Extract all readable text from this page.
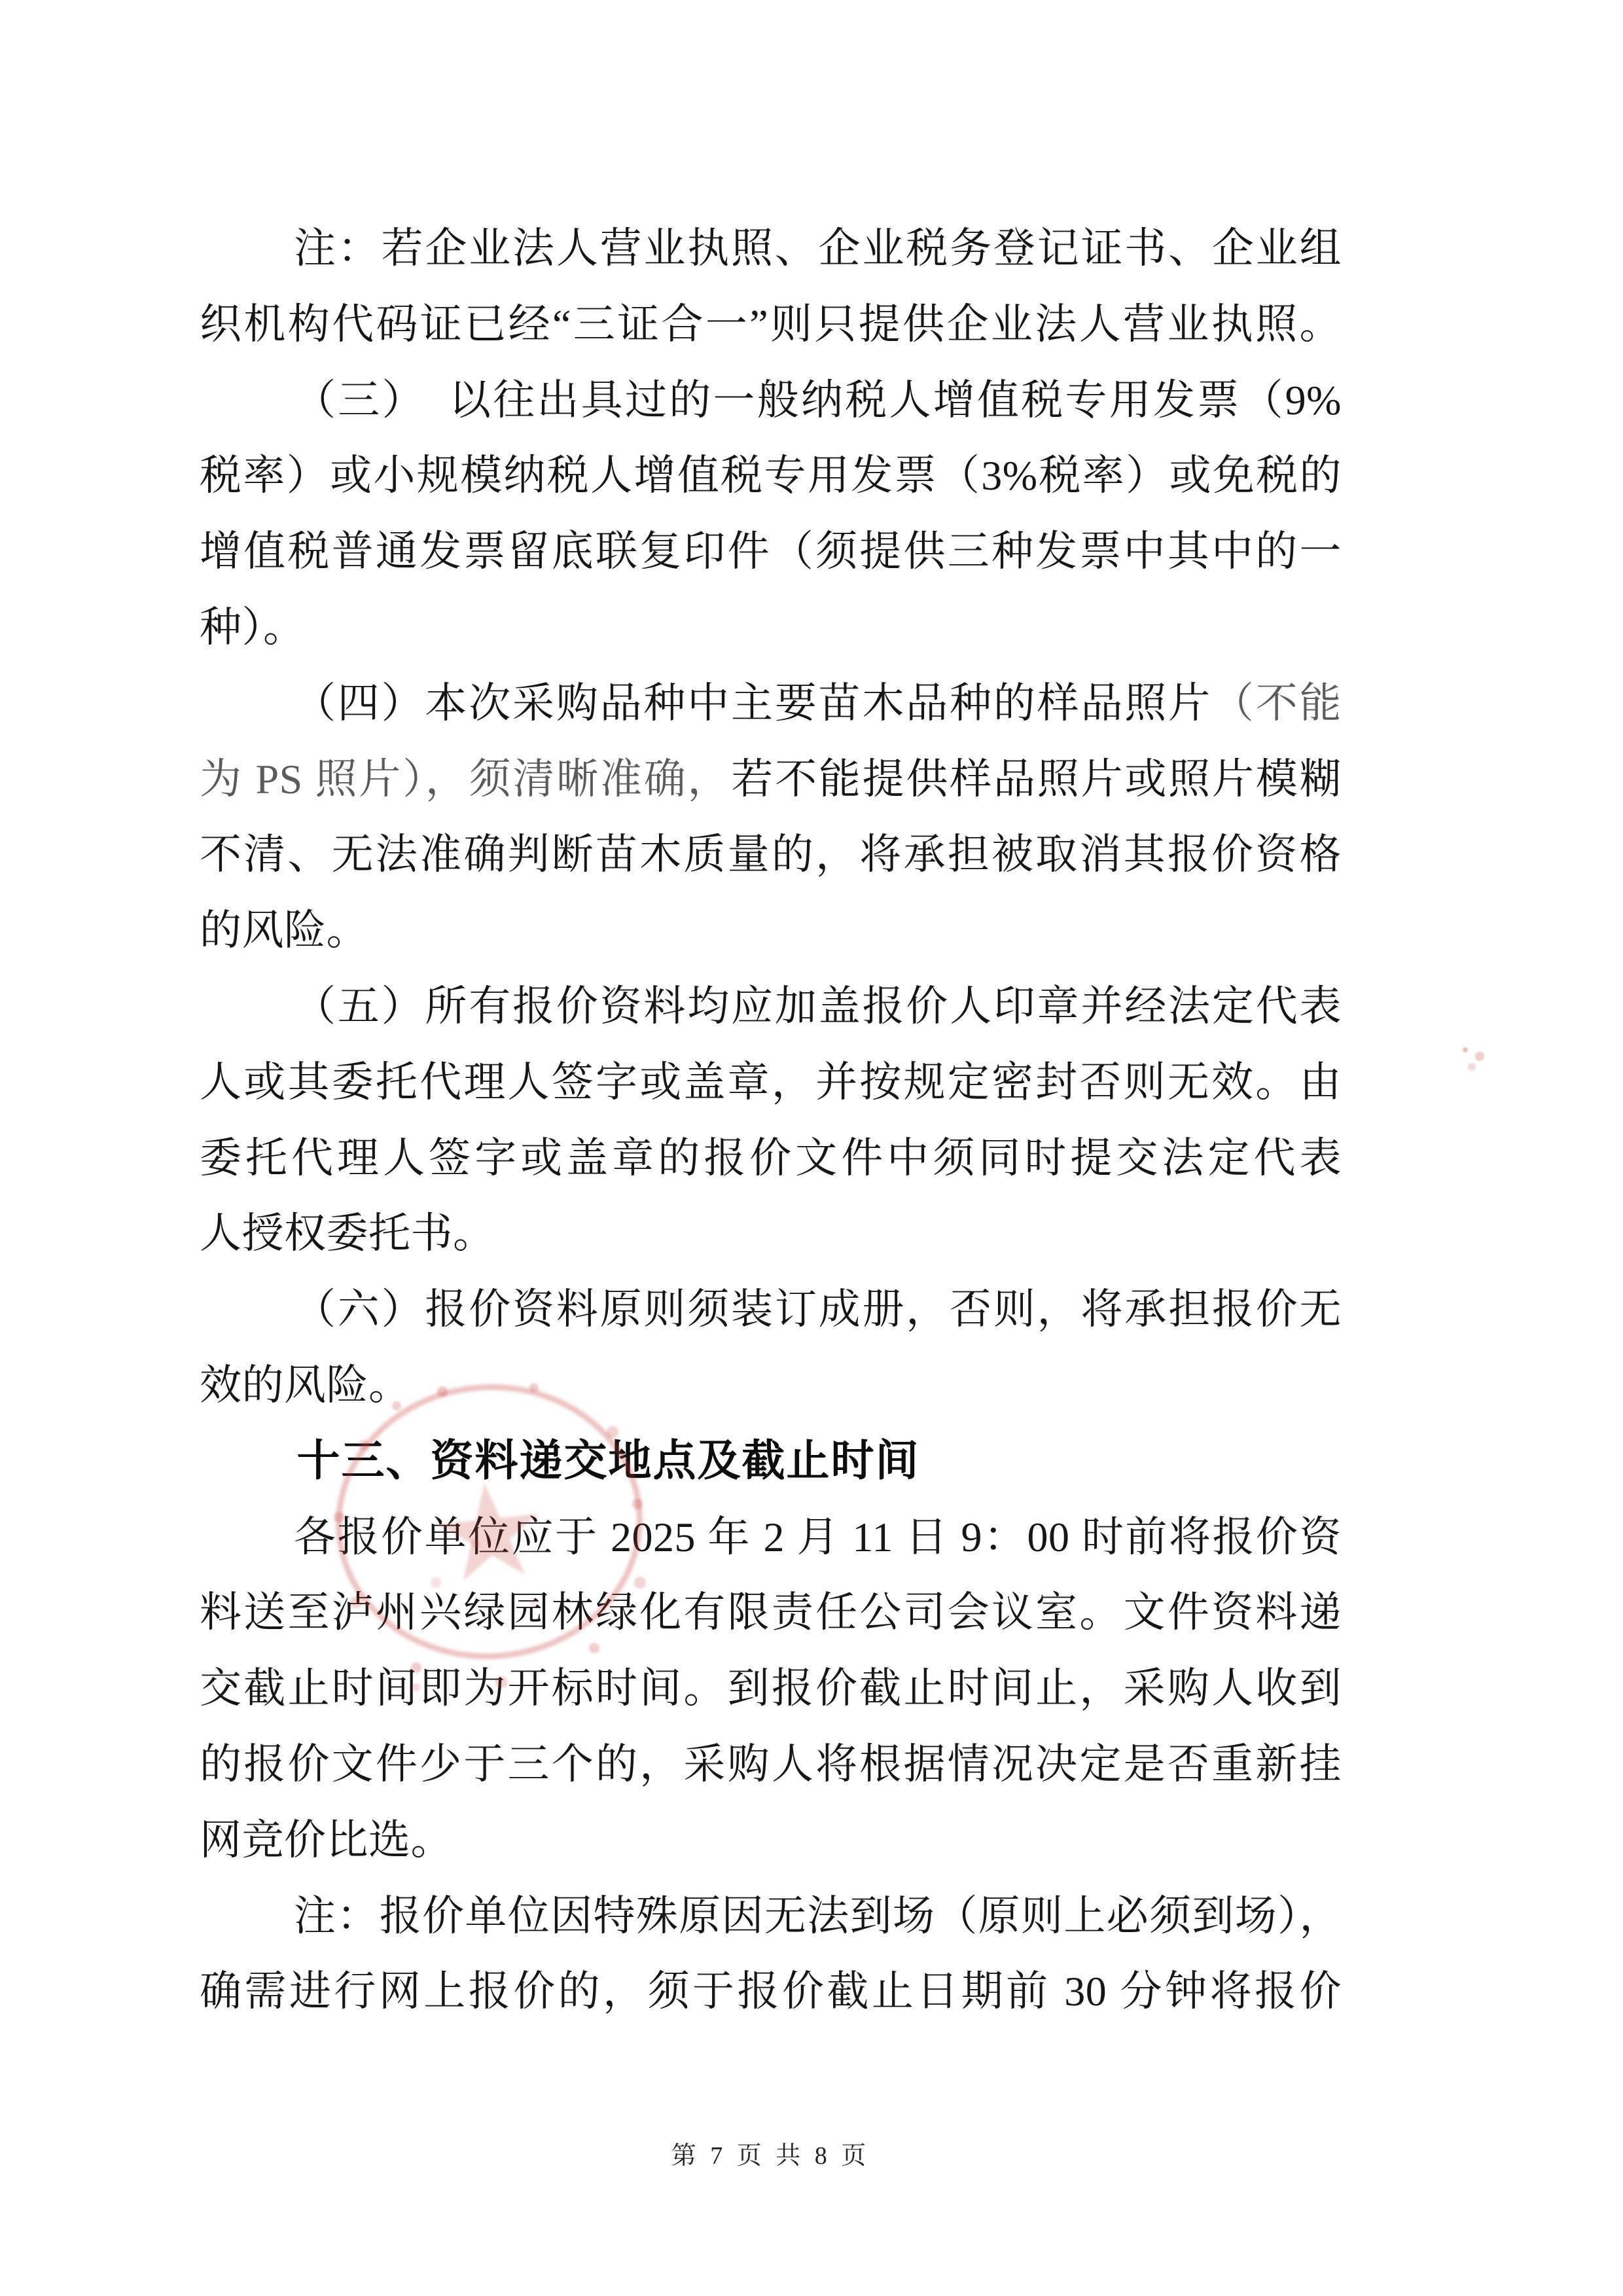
注：若企业法人营业执照、企业税务登记证书、企业组
织机构代码证已经“三证合一”则只提供企业法人营业执照。
（三）　以往出具过的一般纳税人增值税专用发票（9%
税率）或小规模纳税人增值税专用发票（3%税率）或免税的
增值税普通发票留底联复印件（须提供三种发票中其中的一
种）。
（四）本次采购品种中主要苗木品种的样品照片（不能
为 PS 照片），须清晰准确，若不能提供样品照片或照片模糊
不清、无法准确判断苗木质量的，将承担被取消其报价资格
的风险。
（五）所有报价资料均应加盖报价人印章并经法定代表
人或其委托代理人签字或盖章，并按规定密封否则无效。由
委托代理人签字或盖章的报价文件中须同时提交法定代表
人授权委托书。
（六）报价资料原则须装订成册，否则，将承担报价无
效的风险。
十三、资料递交地点及截止时间
各报价单位应于 2025 年 2 月 11 日 9：00 时前将报价资
料送至泸州兴绿园林绿化有限责任公司会议室。文件资料递
交截止时间即为开标时间。到报价截止时间止，采购人收到
的报价文件少于三个的，采购人将根据情况决定是否重新挂
网竞价比选。
注：报价单位因特殊原因无法到场（原则上必须到场），
确需进行网上报价的，须于报价截止日期前 30 分钟将报价
★
第 7 页 共 8 页
